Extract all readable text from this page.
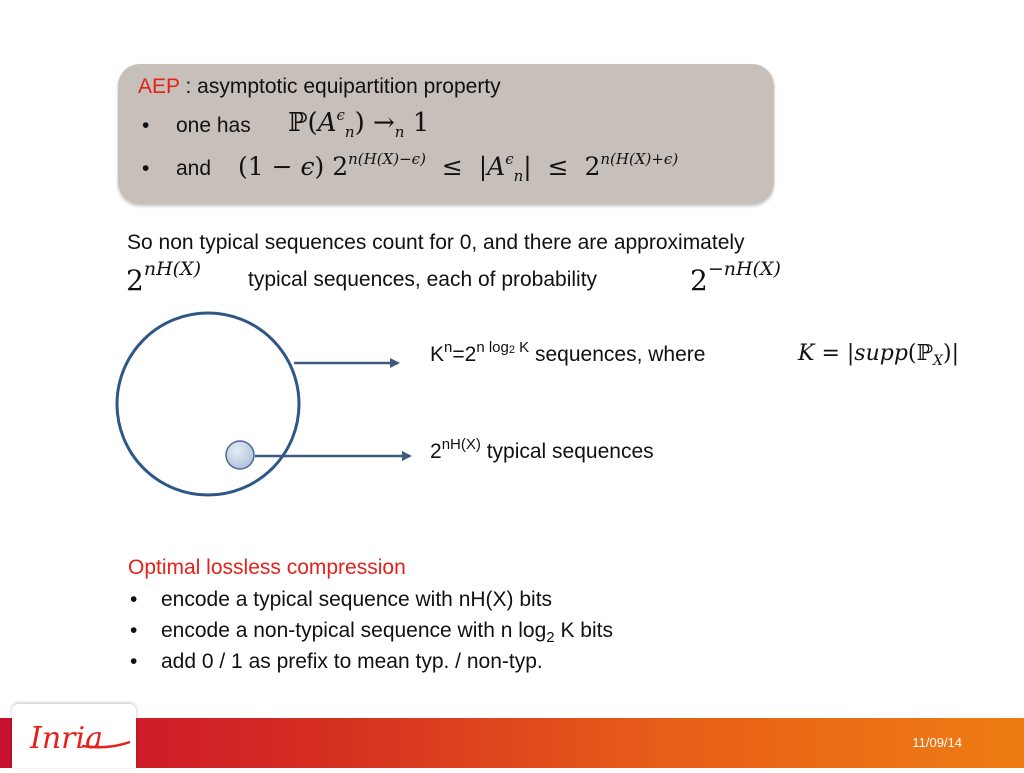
AEP : asymptotic equipartition property
• one has $ℙ(A^\epsilon_n) \to_n$ 1
• and (1 − ϵ) $2^{n(H(X)-\epsilon)} \le |A^\epsilon_n| \le 2^{n(H(X)+\epsilon)}$
So non typical sequences count for 0, and there are approximately
$2^{nH(X)}$ typical sequences, each of probability	$2^{-nH(X)}$
$K^n=2^{n log_2 K}$ sequences, where	K = |supp(ℙ$_X$)|
$2^{nH(X)}$ typical sequences
Optimal lossless compression
• encode a typical sequence with nH(X) bits
• encode a non-typical sequence with n $\log_2 K$ bits
• add 0 / 1 as prefix to mean typ. / non-typ.
Inria	11/09/14
